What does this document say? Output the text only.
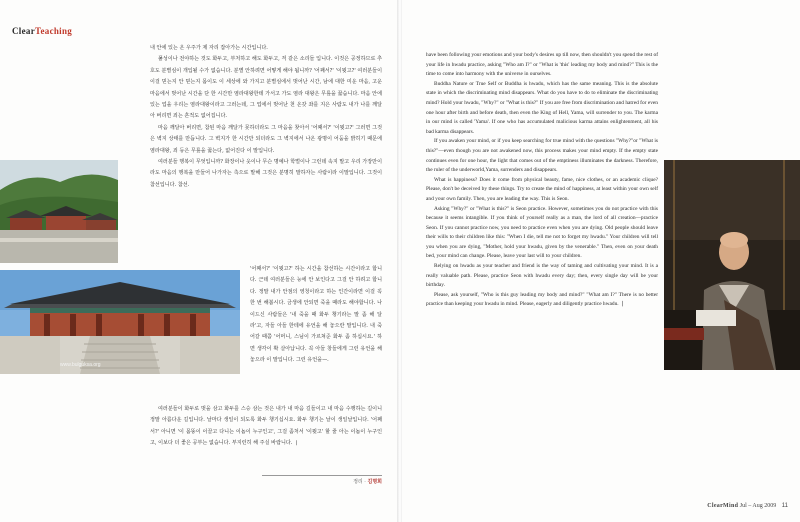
ClearTeaching
www.bulguksa.org

내 안에 있는 온 우주가 제 자리 잡아가는 시간입니다.

풀성이나 전야하는 것도 화두고, 부처하고 해도 화두고, 걱 같은 소리들 입니다. 이것은 공정하므로 추호도 분별심이 개입될 수가 없습니다. 분별 안하려면 어떻게 해야 됩니까? '어째서?' '이뭣고?' 여러분들이 이걸 믿는지 안 믿는지 몸이도 이 세상에 와 가지고 분별심에서 벗어난 시간, 남에 대한 미운 마음, 고운 마음에서 벗어난 시간을 단 한 시간만 염라대왕한테 가서고 가도 염라 대왕은 무릎을 꿇습니다. 마음 안에 있는 업을 우리는 염라대왕이라고 그러는데, 그 업에서 벗어난 천 온갖 좌를 지은 사람도 내가 나를 깨달아 버리면 죄는 흔적도 없어집니다.

마음 깨달아 버리면, 참된 마음 깨달가 못하더라도 그 마음을 찾아서 '어째서?' '이뭣고?' 그러면 그것은 벽지 상태를 만듭니다. 그 벽지가 한 시간만 되더라도 그 벽지에서 나온 광명이 어둠을 밝히기 때문에 염라대왕, 죄 등은 무릎을 꿇는다, 없어진다 이 말입니다.

여러분들 행복이 무엇입니까? 화장이나 옷이나 무슨 명예나 학벌이나 그런데 속지 말고 우리 가장만이라도 마음의 행복을 만들어 나가자는 측으로 말해 그것은 분명히 말하자는 사람이라 이말입니다. 그것이 참선입니다. 참선.

'어째서?' '이뭣고?' 하는 시간을 참선하는 시간이라고 합니다. 근데 여러분들은 능에 안 보인다고 그걸 안 하려고 합니다. 정말 내가 안점의 영청이라고 하는 인간이라면 이걸 꼭 한 번 해봅시다. 금생에 안되면 죽을 때라도 해야합니다. 나이드신 사람들은 '내 죽을 때 화두 챙기라는 말 좀 해 달라'고, 자들 아들 한테에 유언을 해 놓으란 말입니다. 내 죽어갈 때쯤 '어머니, 스님이 가르쳐준 화두 좀 하십시요.' 하면 생각이 확 살아납니다. 꼭 아들 창들에게 그런 유언을 해놓으라 이 말입니다. 그런 유언을—.

여러분들이 화두로 벗을 삼고 화두를 스승 삼는 것은 내가 내 마음 길들이고 내 마음 수행하는 길이니 정말 아름다운 길입니다. 날마다 생일이 되도록 화두 챙기십시요. 화두 챙기는 날이 생일날입니다. '어째서?' 아니면 '이 몸뚱이 이끌고 다니는 이놈이 누구인고', 그걸 좀처서 '이뭣고' 할 줄 아는 이놈이 누구인고, 이보다 더 좋은 공부는 없습니다. 부지런히 해 주실 바랍니다. ❘

정리 · 김명희

have been following your emotions and your body's desires up till now, then shouldn't you spend the rest of your life in hwadu practice, asking "Who am I?" or "What is 'this' leading my body and mind?" This is the time to come into harmony with the universe in ourselves.

Buddha Nature or True Self or Buddha is hwadu, which has the same meaning. This is the absolute state in which the discriminating mind disappears. What do you have to do to eliminate the discriminating mind? Hold your hwadu, "Why?" or "What is this?" If you are free from discrimination and hatred for even one hour after birth and before death, then even the King of Hell, Yama, will surrender to you. The karma in our mind is called 'Yama'. If one who has accumulated malicious karma attains enlightenment, all his bad karma disappears.

If you awaken your mind, or if you keep searching for true mind with the questions "Why?"or "What is this?"—even though you are not awakened now, this process makes your mind empty. If the empty state continues even for one hour, the light that comes out of the emptiness illuminates the darkness. Therefore, the ruler of the underworld,Yama, surrenders and disappears.

What is happiness? Does it come from physical beauty, fame, nice clothes, or an academic clique? Please, don't be deceived by these things. Try to create the mind of happiness, at least within your own self and your own family. Then, you are leading the way. This is Seon.

Asking "Why?" or "What is this?" is Seon practice. However, sometimes you do not practice with this because it seems intangible. If you think of yourself really as a man, the lord of all creation—practice Seon. If you cannot practice now, you need to practice even when you are dying. Old people should leave their wills to their children like this: "When I die, tell me not to forget my hwadu." Your children will tell you when you are dying, "Mother, hold your hwadu, given by the venerable." Then, even on your death bed, your mind can change. Please, leave your last will to your children.

Relying on hwadu as your teacher and friend is the way of taming and cultivating your mind. It is a really valuable path. Please, practice Seon with hwadu every day; then, every single day will be your birthday.

Please, ask yourself, "Who is this guy leading my body and mind?" "What am I?" There is no better practice than keeping your hwadu in mind. Please, eagerly and diligently practice hwadu. ❘

ClearMind Jul – Aug 2009 11
